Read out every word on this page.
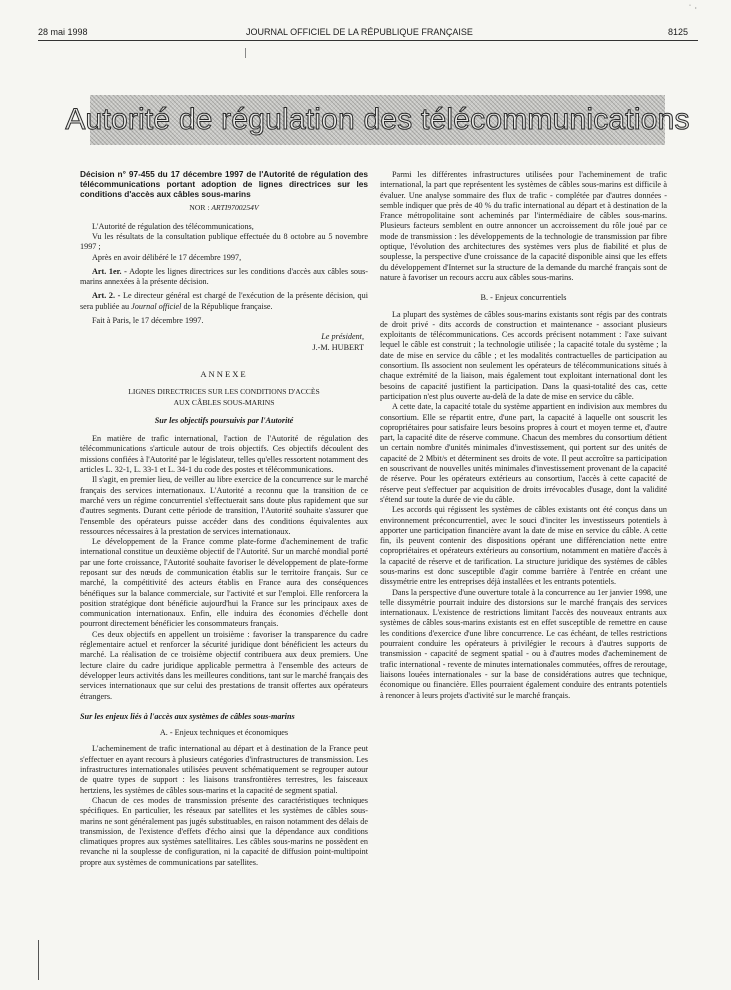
28 mai 1998	JOURNAL OFFICIEL DE LA RÉPUBLIQUE FRANÇAISE	8125
˙ ·
Autorité de régulation des télécommunications

Décision n° 97-455 du 17 décembre 1997 de l'Autorité de régulation des télécommunications portant adoption de lignes directrices sur les conditions d'accès aux câbles sous-marins

NOR : ARTI9700254V

L'Autorité de régulation des télécommunications,

Vu les résultats de la consultation publique effectuée du 8 octobre au 5 novembre 1997 ;

Après en avoir délibéré le 17 décembre 1997,

Art. 1er. - Adopte les lignes directrices sur les conditions d'accès aux câbles sous-marins annexées à la présente décision.

Art. 2. - Le directeur général est chargé de l'exécution de la présente décision, qui sera publiée au Journal officiel de la République française.

Fait à Paris, le 17 décembre 1997.

Le président,

J.-M. HUBERT

ANNEXE

LIGNES DIRECTRICES SUR LES CONDITIONS D'ACCÈS
AUX CÂBLES SOUS-MARINS

Sur les objectifs poursuivis par l'Autorité

En matière de trafic international, l'action de l'Autorité de régulation des télécommunications s'articule autour de trois objectifs. Ces objectifs découlent des missions confiées à l'Autorité par le législateur, telles qu'elles ressortent notamment des articles L. 32-1, L. 33-1 et L. 34-1 du code des postes et télécommunications.

Il s'agit, en premier lieu, de veiller au libre exercice de la concurrence sur le marché français des services internationaux. L'Autorité a reconnu que la transition de ce marché vers un régime concurrentiel s'effectuerait sans doute plus rapidement que sur d'autres segments. Durant cette période de transition, l'Autorité souhaite s'assurer que l'ensemble des opérateurs puisse accéder dans des conditions équivalentes aux ressources nécessaires à la prestation de services internationaux.

Le développement de la France comme plate-forme d'acheminement de trafic international constitue un deuxième objectif de l'Autorité. Sur un marché mondial porté par une forte croissance, l'Autorité souhaite favoriser le développement de plate-forme reposant sur des nœuds de communication établis sur le territoire français. Sur ce marché, la compétitivité des acteurs établis en France aura des conséquences bénéfiques sur la balance commerciale, sur l'activité et sur l'emploi. Elle renforcera la position stratégique dont bénéficie aujourd'hui la France sur les principaux axes de communication internationaux. Enfin, elle induira des économies d'échelle dont pourront directement bénéficier les consommateurs français.

Ces deux objectifs en appellent un troisième : favoriser la transparence du cadre réglementaire actuel et renforcer la sécurité juridique dont bénéficient les acteurs du marché. La réalisation de ce troisième objectif contribuera aux deux premiers. Une lecture claire du cadre juridique applicable permettra à l'ensemble des acteurs de développer leurs activités dans les meilleures conditions, tant sur le marché français des services internationaux que sur celui des prestations de transit offertes aux opérateurs étrangers.

Sur les enjeux liés à l'accès aux systèmes de câbles sous-marins

A. - Enjeux techniques et économiques

L'acheminement de trafic international au départ et à destination de la France peut s'effectuer en ayant recours à plusieurs catégories d'infrastructures de transmission. Les infrastructures internationales utilisées peuvent schématiquement se regrouper autour de quatre types de support : les liaisons transfrontières terrestres, les faisceaux hertziens, les systèmes de câbles sous-marins et la capacité de segment spatial.

Chacun de ces modes de transmission présente des caractéristiques techniques spécifiques. En particulier, les réseaux par satellites et les systèmes de câbles sous-marins ne sont généralement pas jugés substituables, en raison notamment des délais de transmission, de l'existence d'effets d'écho ainsi que la dépendance aux conditions climatiques propres aux systèmes satellitaires. Les câbles sous-marins ne possèdent en revanche ni la souplesse de configuration, ni la capacité de diffusion point-multipoint propre aux systèmes de communications par satellites.

Parmi les différentes infrastructures utilisées pour l'acheminement de trafic international, la part que représentent les systèmes de câbles sous-marins est difficile à évaluer. Une analyse sommaire des flux de trafic - complétée par d'autres données - semble indiquer que près de 40 % du trafic international au départ et à destination de la France métropolitaine sont acheminés par l'intermédiaire de câbles sous-marins. Plusieurs facteurs semblent en outre annoncer un accroissement du rôle joué par ce mode de transmission : les développements de la technologie de transmission par fibre optique, l'évolution des architectures des systèmes vers plus de fiabilité et plus de souplesse, la perspective d'une croissance de la capacité disponible ainsi que les effets du développement d'Internet sur la structure de la demande du marché français sont de nature à favoriser un recours accru aux câbles sous-marins.

B. - Enjeux concurrentiels

La plupart des systèmes de câbles sous-marins existants sont régis par des contrats de droit privé - dits accords de construction et maintenance - associant plusieurs exploitants de télécommunications. Ces accords précisent notamment : l'axe suivant lequel le câble est construit ; la technologie utilisée ; la capacité totale du système ; la date de mise en service du câble ; et les modalités contractuelles de participation au consortium. Ils associent non seulement les opérateurs de télécommunications situés à chaque extrémité de la liaison, mais également tout exploitant international dont les besoins de capacité justifient la participation. Dans la quasi-totalité des cas, cette participation n'est plus ouverte au-delà de la date de mise en service du câble.

A cette date, la capacité totale du système appartient en indivision aux membres du consortium. Elle se répartit entre, d'une part, la capacité à laquelle ont souscrit les copropriétaires pour satisfaire leurs besoins propres à court et moyen terme et, d'autre part, la capacité dite de réserve commune. Chacun des membres du consortium détient un certain nombre d'unités minimales d'investissement, qui portent sur des unités de capacité de 2 Mbit/s et déterminent ses droits de vote. Il peut accroître sa participation en souscrivant de nouvelles unités minimales d'investissement provenant de la capacité de réserve. Pour les opérateurs extérieurs au consortium, l'accès à cette capacité de réserve peut s'effectuer par acquisition de droits irrévocables d'usage, dont la validité s'étend sur toute la durée de vie du câble.

Les accords qui régissent les systèmes de câbles existants ont été conçus dans un environnement préconcurrentiel, avec le souci d'inciter les investisseurs potentiels à apporter une participation financière avant la date de mise en service du câble. A cette fin, ils peuvent contenir des dispositions opérant une différenciation nette entre copropriétaires et opérateurs extérieurs au consortium, notamment en matière d'accès à la capacité de réserve et de tarification. La structure juridique des systèmes de câbles sous-marins est donc susceptible d'agir comme barrière à l'entrée en créant une dissymétrie entre les entreprises déjà installées et les entrants potentiels.

Dans la perspective d'une ouverture totale à la concurrence au 1er janvier 1998, une telle dissymétrie pourrait induire des distorsions sur le marché français des services internationaux. L'existence de restrictions limitant l'accès des nouveaux entrants aux systèmes de câbles sous-marins existants est en effet susceptible de remettre en cause les conditions d'exercice d'une libre concurrence. Le cas échéant, de telles restrictions pourraient conduire les opérateurs à privilégier le recours à d'autres supports de transmission - capacité de segment spatial - ou à d'autres modes d'acheminement de trafic international - revente de minutes internationales commutées, offres de reroutage, liaisons louées internationales - sur la base de considérations autres que technique, économique ou financière. Elles pourraient également conduire des entrants potentiels à renoncer à leurs projets d'activité sur le marché français.
